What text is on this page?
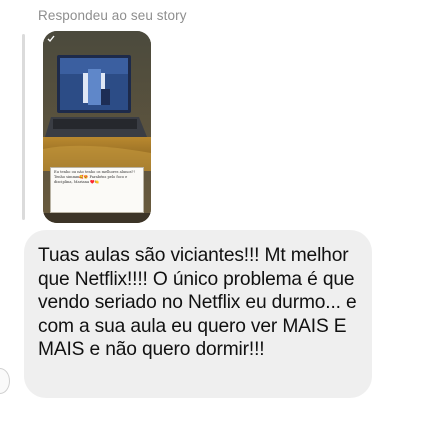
Respondeu ao seu story
Eu tenho ou não tenho os melhores alunos?! Tenho simmm🥰😍 Parabéns pelo foco e disciplina, Mariana ♥️🍋
Tuas aulas são viciantes!!! Mt melhor que Netflix!!!! O único problema é que vendo seriado no Netflix eu durmo... e com a sua aula eu quero ver MAIS E MAIS e não quero dormir!!!
